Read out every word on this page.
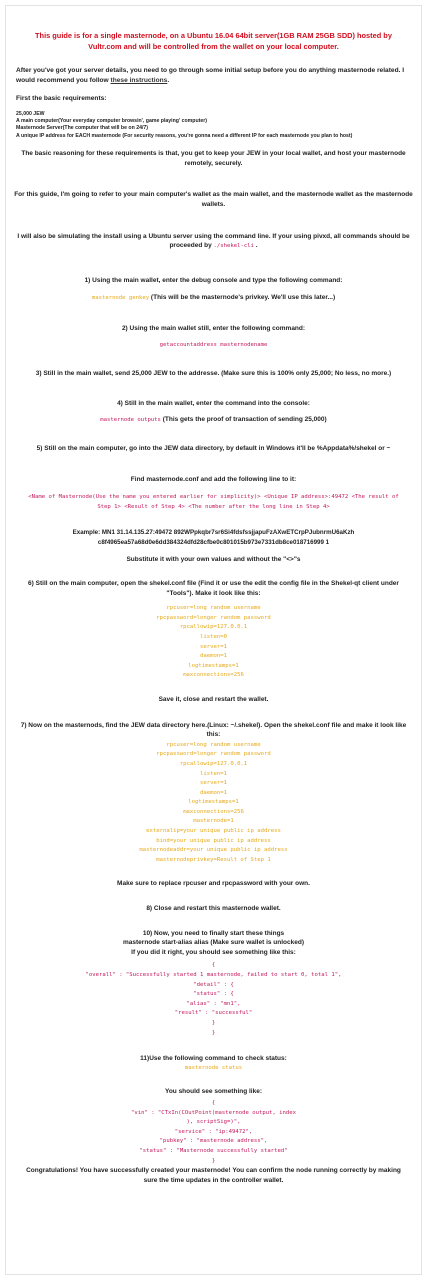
This guide is for a single masternode, on a Ubuntu 16.04 64bit server(1GB RAM 25GB SDD) hosted by Vultr.com and will be controlled from the wallet on your local computer.
After you've got your server details, you need to go through some initial setup before you do anything masternode related. I would recommend you follow these instructions.
First the basic requirements:
25,000 JEW
A main computer(Your everyday computer browsin', game playing' computer)
Masternode Server(The computer that will be on 24/7)
A unique IP address for EACH masternode (For security reasons, you're gonna need a different IP for each masternode you plan to host)
The basic reasoning for these requirements is that, you get to keep your JEW in your local wallet, and host your masternode remotely, securely.
For this guide, I'm going to refer to your main computer's wallet as the main wallet, and the masternode wallet as the masternode wallets.
I will also be simulating the install using a Ubuntu server using the command line. If your using pivxd, all commands should be proceeded by ./shekel-cli .
1) Using the main wallet, enter the debug console and type the following command:
masternode genkey (This will be the masternode's privkey. We'll use this later...)
2) Using the main wallet still, enter the following command:
getaccountaddress masternodename
3) Still in the main wallet, send 25,000 JEW to the addresse. (Make sure this is 100% only 25,000; No less, no more.)
4) Still in the main wallet, enter the command into the console:
masternode outputs (This gets the proof of transaction of sending 25,000)
5) Still on the main computer, go into the JEW data directory, by default in Windows it'll be %Appdata%/shekel or ~
Find masternode.conf and add the following line to it:
<Name of Masternode(Use the name you entered earlier for simplicity)> <Unique IP address>:49472 <The result of Step 1> <Result of Step 4> <The number after the long line in Step 4>
Example: MN1 31.14.135.27:49472 892WPpkqbr7sr6Si4fdsfssjjapuFzAXwETCrpPJubnrmU6aKzh c8f4965ea57a68d0e6dd384324dfd28cfbe0c801015b973e7331db8ce018716999 1
Substitute it with your own values and without the "<>"s
6) Still on the main computer, open the shekel.conf file (Find it or use the edit the config file in the Shekel-qt client under "Tools"). Make it look like this:
rpcuser=long random username
rpcpassword=longer random password
rpcallowip=127.0.0.1
listen=0
server=1
daemon=1
logtimestamps=1
maxconnections=256
Save it, close and restart the wallet.
7) Now on the masternods, find the JEW data directory here.(Linux: ~/.shekel). Open the shekel.conf file and make it look like this:
rpcuser=long random username
rpcpassword=longer random password
rpcallowip=127.0.0.1
listen=1
server=1
daemon=1
logtimestamps=1
maxconnections=256
masternode=1
externalip=your unique public ip address
bind=your unique public ip address
masternodeaddr=your unique public ip address
masternodeprivkey=Result of Step 1
Make sure to replace rpcuser and rpcpassword with your own.
8) Close and restart this masternode wallet.
10) Now, you need to finally start these things
masternode start-alias alias (Make sure wallet is unlocked)
If you did it right, you should see something like this:
{
"overall" : "Successfully started 1 masternode, failed to start 0, total 1",
"detail" : {
"status" : {
"alias" : "mn1",
"result" : "successful"
}
}
11)Use the following command to check status:
masternode status
You should see something like:
{
"vin" : "CTxIn(COutPoint(masternode output, index
), scriptSig=)",
"service" : "ip:49472",
"pubkey" : "masternode address",
"status" : "Masternode successfully started"
}
Congratulations! You have successfully created your masternode! You can confirm the node running correctly by making sure the time updates in the controller wallet.
